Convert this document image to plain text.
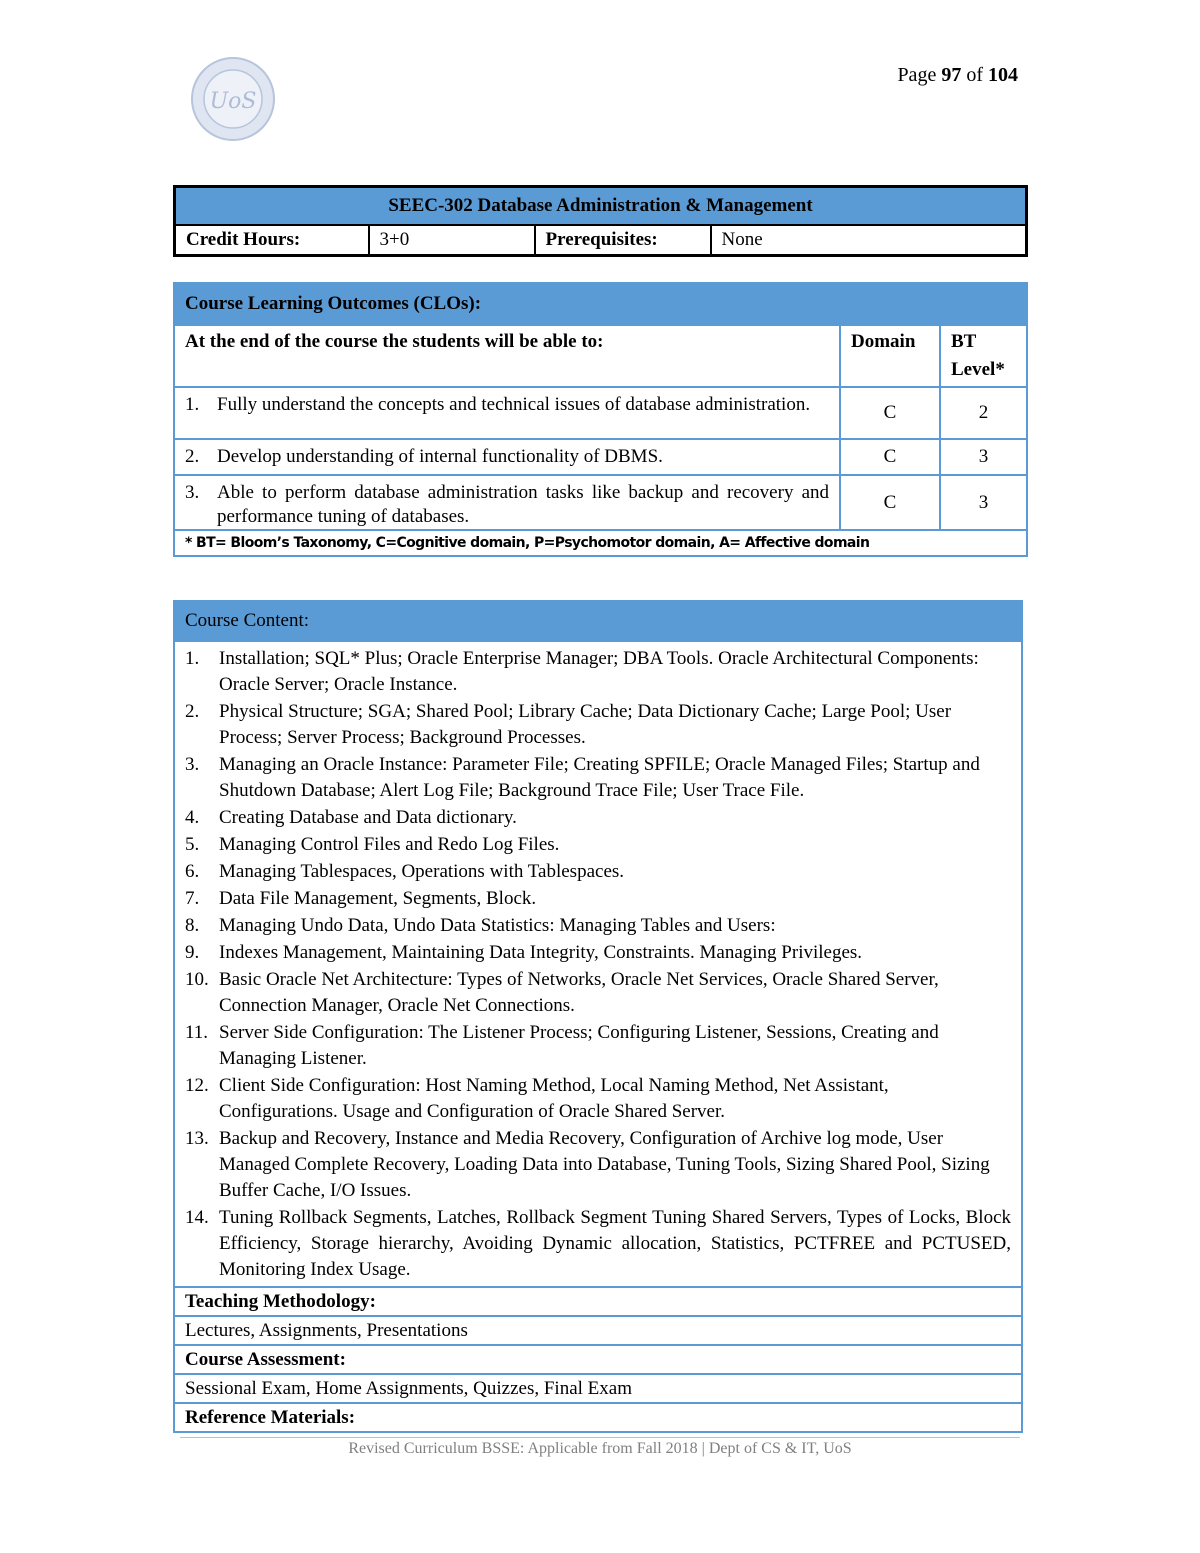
UoS
Page 97 of 104
SEEC-302 Database Administration & Management
Credit Hours:	3+0	Prerequisites:	None
Course Learning Outcomes (CLOs):		
At the end of the course the students will be able to:	Domain	BT
Level*

1. Fully understand the concepts and technical issues of database administration.	C	2

2. Develop understanding of internal functionality of DBMS.	C	3

3. Able to perform database administration tasks like backup and recovery and performance tuning of databases.	C	3
* BT= Bloom’s Taxonomy, C=Cognitive domain, P=Psychomotor domain, A= Affective domain		
Course Content:

1.	Installation; SQL* Plus; Oracle Enterprise Manager; DBA Tools. Oracle Architectural Components: Oracle Server; Oracle Instance.
2.	Physical Structure; SGA; Shared Pool; Library Cache; Data Dictionary Cache; Large Pool; User Process; Server Process; Background Processes.
3.	Managing an Oracle Instance: Parameter File; Creating SPFILE; Oracle Managed Files; Startup and Shutdown Database; Alert Log File; Background Trace File; User Trace File.
4.	Creating Database and Data dictionary.
5.	Managing Control Files and Redo Log Files.
6.	Managing Tablespaces, Operations with Tablespaces.
7.	Data File Management, Segments, Block.
8.	Managing Undo Data, Undo Data Statistics: Managing Tables and Users:
9.	Indexes Management, Maintaining Data Integrity, Constraints. Managing Privileges.
10. Basic Oracle Net Architecture: Types of Networks, Oracle Net Services, Oracle Shared Server, Connection Manager, Oracle Net Connections.
11. Server Side Configuration: The Listener Process; Configuring Listener, Sessions, Creating and Managing Listener.
12. Client Side Configuration: Host Naming Method, Local Naming Method, Net Assistant, Configurations. Usage and Configuration of Oracle Shared Server.
13. Backup and Recovery, Instance and Media Recovery, Configuration of Archive log mode, User Managed Complete Recovery, Loading Data into Database, Tuning Tools, Sizing Shared Pool, Sizing Buffer Cache, I/O Issues.
14. Tuning Rollback Segments, Latches, Rollback Segment Tuning Shared Servers, Types of Locks, Block Efficiency, Storage hierarchy, Avoiding Dynamic allocation, Statistics, PCTFREE and PCTUSED, Monitoring Index Usage.

Teaching Methodology:
Lectures, Assignments, Presentations
Course Assessment:
Sessional Exam, Home Assignments, Quizzes, Final Exam
Reference Materials:
Revised Curriculum BSSE: Applicable from Fall 2018 | Dept of CS & IT, UoS
